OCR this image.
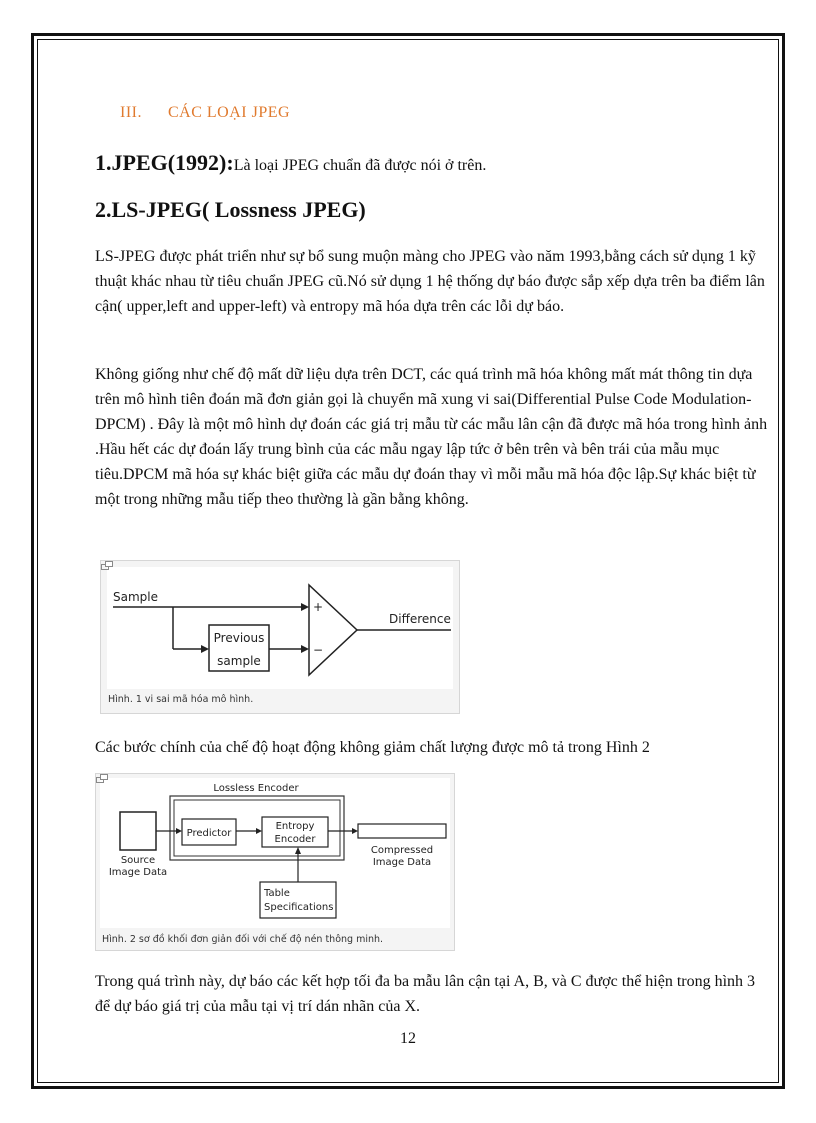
III. CÁC LOẠI JPEG
1.JPEG(1992):Là loại JPEG chuẩn đã được nói ở trên.
2.LS-JPEG( Lossness JPEG)

LS-JPEG được phát triển như sự bổ sung muộn màng cho JPEG vào năm 1993,bằng cách sử dụng 1 kỹ thuật khác nhau từ tiêu chuẩn JPEG cũ.Nó sử dụng 1 hệ thống dự báo được sắp xếp dựa trên ba điểm lân cận( upper,left and upper-left) và entropy mã hóa dựa trên các lỗi dự báo.

Không giống như chế độ mất dữ liệu dựa trên DCT, các quá trình mã hóa không mất mát thông tin dựa trên mô hình tiên đoán mã đơn giản gọi là chuyển mã xung vi sai(Differential Pulse Code Modulation-DPCM) . Đây là một mô hình dự đoán các giá trị mẫu từ các mẫu lân cận đã được mã hóa trong hình ảnh .Hầu hết các dự đoán lấy trung bình của các mẫu ngay lập tức ở bên trên và bên trái của mẫu mục tiêu.DPCM mã hóa sự khác biệt giữa các mẫu dự đoán thay vì mỗi mẫu mã hóa độc lập.Sự khác biệt từ một trong những mẫu tiếp theo thường là gần bằng không.

Sample
Previous
sample
+
−
Difference
Hình. 1 vi sai mã hóa mô hình.

Các bước chính của chế độ hoạt động không giảm chất lượng được mô tả trong Hình 2

Lossless Encoder
Source
Image Data
Predictor
Entropy
Encoder
Compressed
Image Data
Table
Specifications
Hình. 2 sơ đồ khối đơn giản đối với chế độ nén thông minh.

Trong quá trình này, dự báo các kết hợp tối đa ba mẫu lân cận tại A, B, và C được thể hiện trong hình 3 để dự báo giá trị của mẫu tại vị trí dán nhãn của X.

12
